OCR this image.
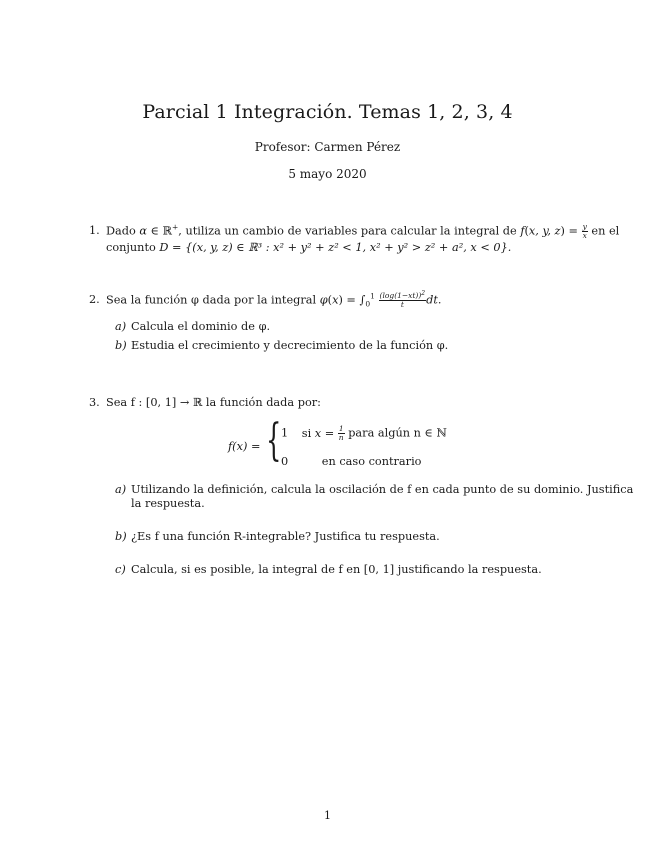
Parcial 1 Integración. Temas 1, 2, 3, 4
Profesor: Carmen Pérez
5 mayo 2020
1. Dado α ∈ ℝ+, utiliza un cambio de variables para calcular la integral de f(x, y, $z) = \frac{y}{x}$ en el
conjunto D = {(x, y, z) ∈ ℝ³ : x² + y² + z² < 1, x² + y² > z² + a², x < 0}.
2. Sea la función φ dada por la integral $\varphi(x) = \int_0^1 \frac{(\log(1-xt))^2}{t}$ dt.
a) Calcula el dominio de φ.
b) Estudia el crecimiento y decrecimiento de la función φ.
3. Sea f : [0, 1] → ℝ la función dada por:
f(x) = { 1 si $x = \frac{1}{n}$ para algún n ∈ ℕ
0	en caso contrario
a) Utilizando la definición, calcula la oscilación de f en cada punto de su dominio. Justifica
la respuesta.
b) ¿Es f una función R-integrable? Justifica tu respuesta.
c) Calcula, si es posible, la integral de f en [0, 1] justificando la respuesta.
1
